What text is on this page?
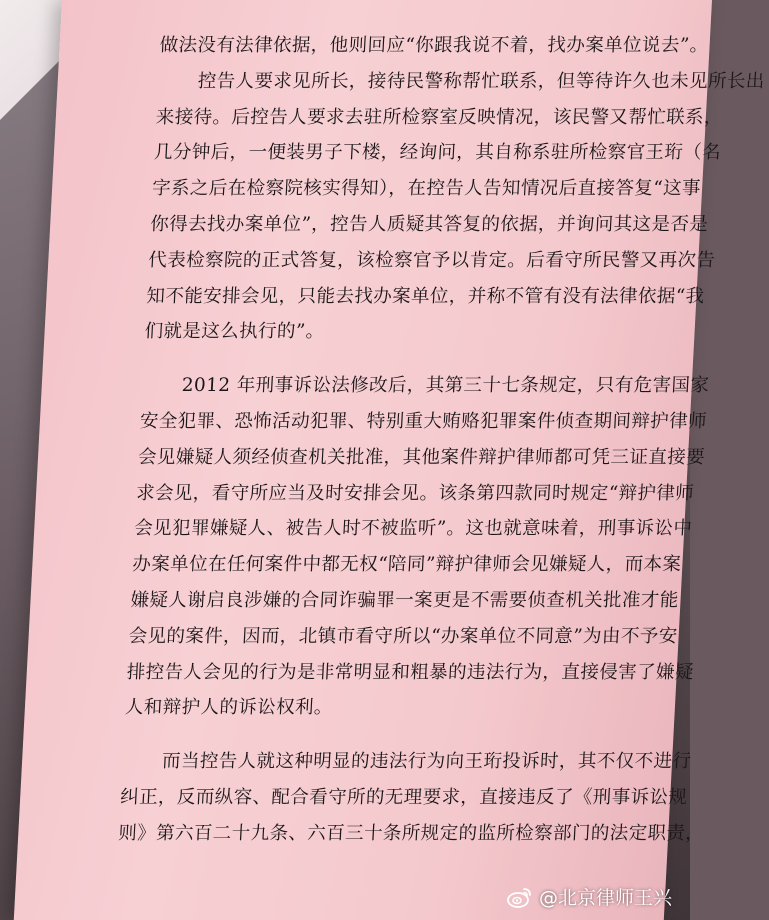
做法没有法律依据，他则回应“你跟我说不着，找办案单位说去”。
控告人要求见所长，接待民警称帮忙联系，但等待许久也未见所长出
来接待。后控告人要求去驻所检察室反映情况，该民警又帮忙联系，
几分钟后，一便装男子下楼，经询问，其自称系驻所检察官王珩（名
字系之后在检察院核实得知），在控告人告知情况后直接答复“这事
你得去找办案单位”，控告人质疑其答复的依据，并询问其这是否是
代表检察院的正式答复，该检察官予以肯定。后看守所民警又再次告
知不能安排会见，只能去找办案单位，并称不管有没有法律依据“我
们就是这么执行的”。
2012 年刑事诉讼法修改后，其第三十七条规定，只有危害国家
安全犯罪、恐怖活动犯罪、特别重大贿赂犯罪案件侦查期间辩护律师
会见嫌疑人须经侦查机关批准，其他案件辩护律师都可凭三证直接要
求会见，看守所应当及时安排会见。该条第四款同时规定“辩护律师
会见犯罪嫌疑人、被告人时不被监听”。这也就意味着，刑事诉讼中
办案单位在任何案件中都无权“陪同”辩护律师会见嫌疑人，而本案
嫌疑人谢启良涉嫌的合同诈骗罪一案更是不需要侦查机关批准才能
会见的案件，因而，北镇市看守所以“办案单位不同意”为由不予安
排控告人会见的行为是非常明显和粗暴的违法行为，直接侵害了嫌疑
人和辩护人的诉讼权利。
而当控告人就这种明显的违法行为向王珩投诉时，其不仅不进行
纠正，反而纵容、配合看守所的无理要求，直接违反了《刑事诉讼规
则》第六百二十九条、六百三十条所规定的监所检察部门的法定职责，
@北京律师王兴
